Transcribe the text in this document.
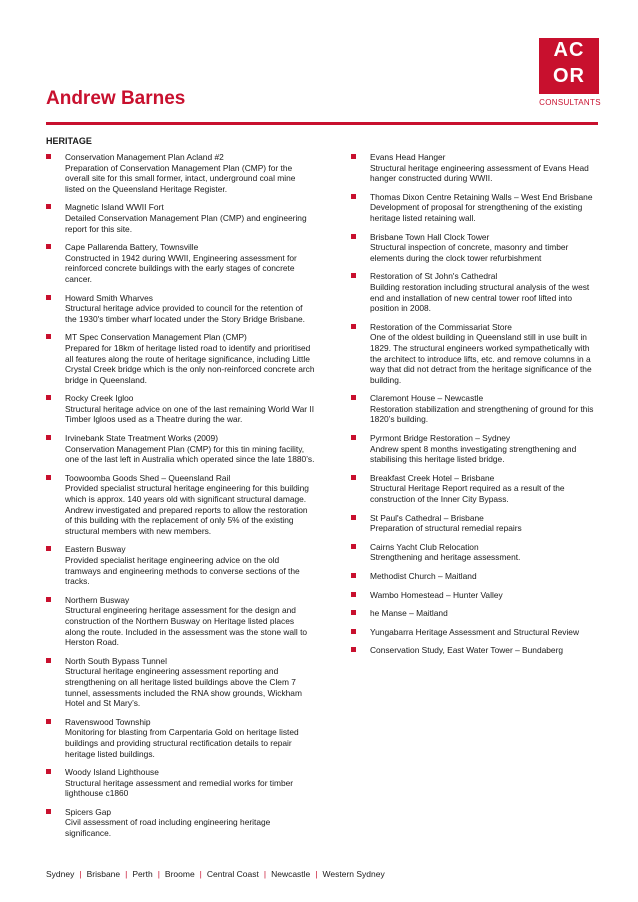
AC
OR
CONSULTANTS
Andrew Barnes
HERITAGE
Conservation Management Plan Acland #2
Preparation of Conservation Management Plan (CMP) for the overall site for this small former, intact, underground coal mine listed on the Queensland Heritage Register.
Magnetic Island WWII Fort
Detailed Conservation Management Plan (CMP) and engineering report for this site.
Cape Pallarenda Battery, Townsville
Constructed in 1942 during WWII, Engineering assessment for reinforced concrete buildings with the early stages of concrete cancer.
Howard Smith Wharves
Structural heritage advice provided to council for the retention of the 1930's timber wharf located under the Story Bridge Brisbane.
MT Spec Conservation Management Plan (CMP)
Prepared for 18km of heritage listed road to identify and prioritised all features along the route of heritage significance, including Little Crystal Creek bridge which is the only non-reinforced concrete arch bridge in Queensland.
Rocky Creek Igloo
Structural heritage advice on one of the last remaining World War II Timber Igloos used as a Theatre during the war.
Irvinebank State Treatment Works (2009)
Conservation Management Plan (CMP) for this tin mining facility, one of the last left in Australia which operated since the late 1880’s.
Toowoomba Goods Shed – Queensland Rail
Provided specialist structural heritage engineering for this building which is approx. 140 years old with significant structural damage. Andrew investigated and prepared reports to allow the restoration of this building with the replacement of only 5% of the existing structural members with new members.
Eastern Busway
Provided specialist heritage engineering advice on the old tramways and engineering methods to converse sections of the tracks.
Northern Busway
Structural engineering heritage assessment for the design and construction of the Northern Busway on Heritage listed places along the route. Included in the assessment was the stone wall to Herston Road.
North South Bypass Tunnel
Structural heritage engineering assessment reporting and strengthening on all heritage listed buildings above the Clem 7 tunnel, assessments included the RNA show grounds, Wickham Hotel and St Mary’s.
Ravenswood Township
Monitoring for blasting from Carpentaria Gold on heritage listed buildings and providing structural rectification details to repair heritage listed buildings.
Woody Island Lighthouse
Structural heritage assessment and remedial works for timber lighthouse c1860
Spicers Gap
Civil assessment of road including engineering heritage significance.
Evans Head Hanger
Structural heritage engineering assessment of Evans Head hanger constructed during WWII.
Thomas Dixon Centre Retaining Walls – West End Brisbane
Development of proposal for strengthening of the existing heritage listed retaining wall.
Brisbane Town Hall Clock Tower
Structural inspection of concrete, masonry and timber elements during the clock tower refurbishment
Restoration of St John's Cathedral
Building restoration including structural analysis of the west end and installation of new central tower roof lifted into position in 2008.
Restoration of the Commissariat Store
One of the oldest building in Queensland still in use built in 1829. The structural engineers worked sympathetically with the architect to introduce lifts, etc. and remove columns in a way that did not detract from the heritage significance of the building.
Claremont House – Newcastle
Restoration stabilization and strengthening of ground for this 1820’s building.
Pyrmont Bridge Restoration – Sydney
Andrew spent 8 months investigating strengthening and stabilising this heritage listed bridge.
Breakfast Creek Hotel – Brisbane
Structural Heritage Report required as a result of the construction of the Inner City Bypass.
St Paul's Cathedral – Brisbane
Preparation of structural remedial repairs
Cairns Yacht Club Relocation
Strengthening and heritage assessment.
Methodist Church – Maitland
Wambo Homestead – Hunter Valley
he Manse – Maitland
Yungabarra Heritage Assessment and Structural Review
Conservation Study, East Water Tower – Bundaberg
Sydney | Brisbane | Perth | Broome | Central Coast | Newcastle | Western Sydney
